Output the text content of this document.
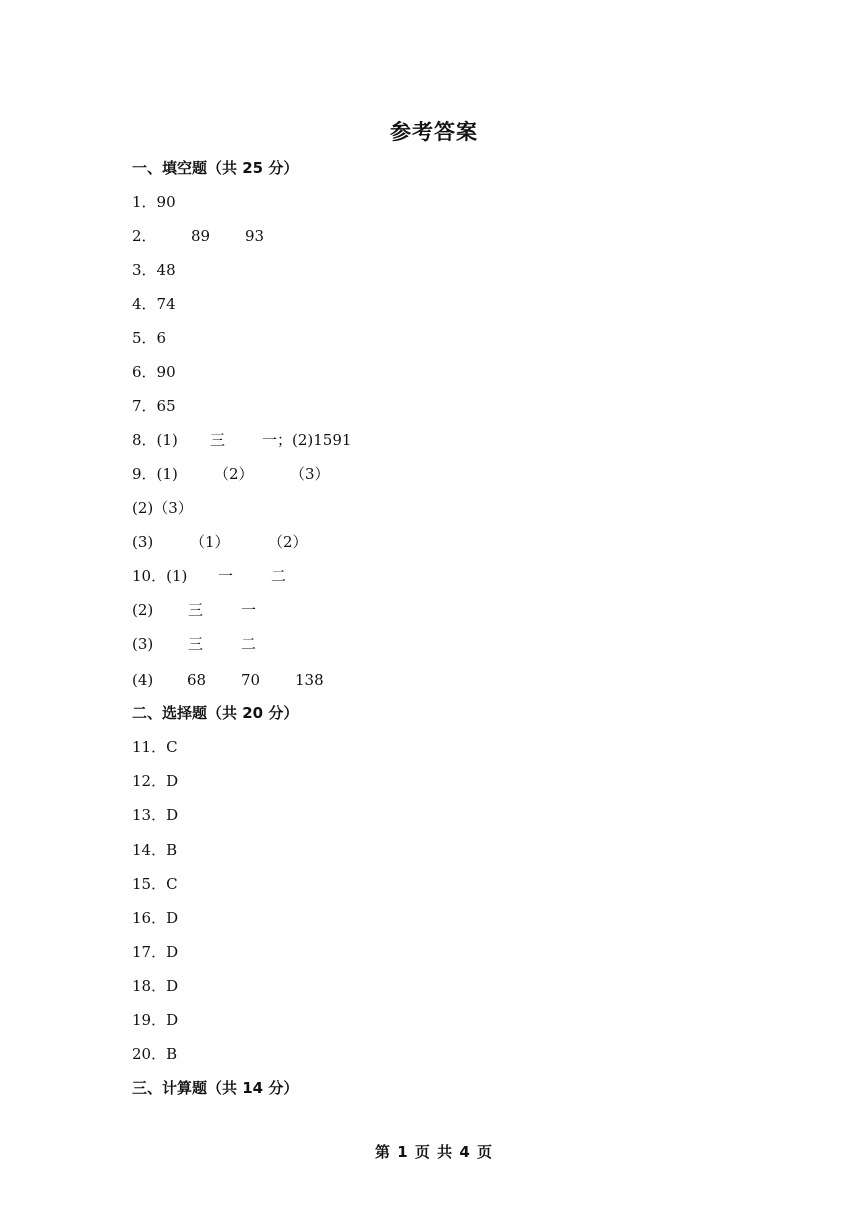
参考答案
一、填空题（共 25 分）
1．90
2． 89 93
3．48
4．74
5．6
6．90
7．65
8．(1) 三 一；(2)1591
9．(1) （2） （3）
(2)（3）
(3) （1）	（2）
10．(1) 一	二
(2) 三	一
(3) 三	二
(4) 68 70 138
二、选择题（共 20 分）
11．C
12．D
13．D
14．B
15．C
16．D
17．D
18．D
19．D
20．B
三、计算题（共 14 分）
第 1 页 共 4 页
